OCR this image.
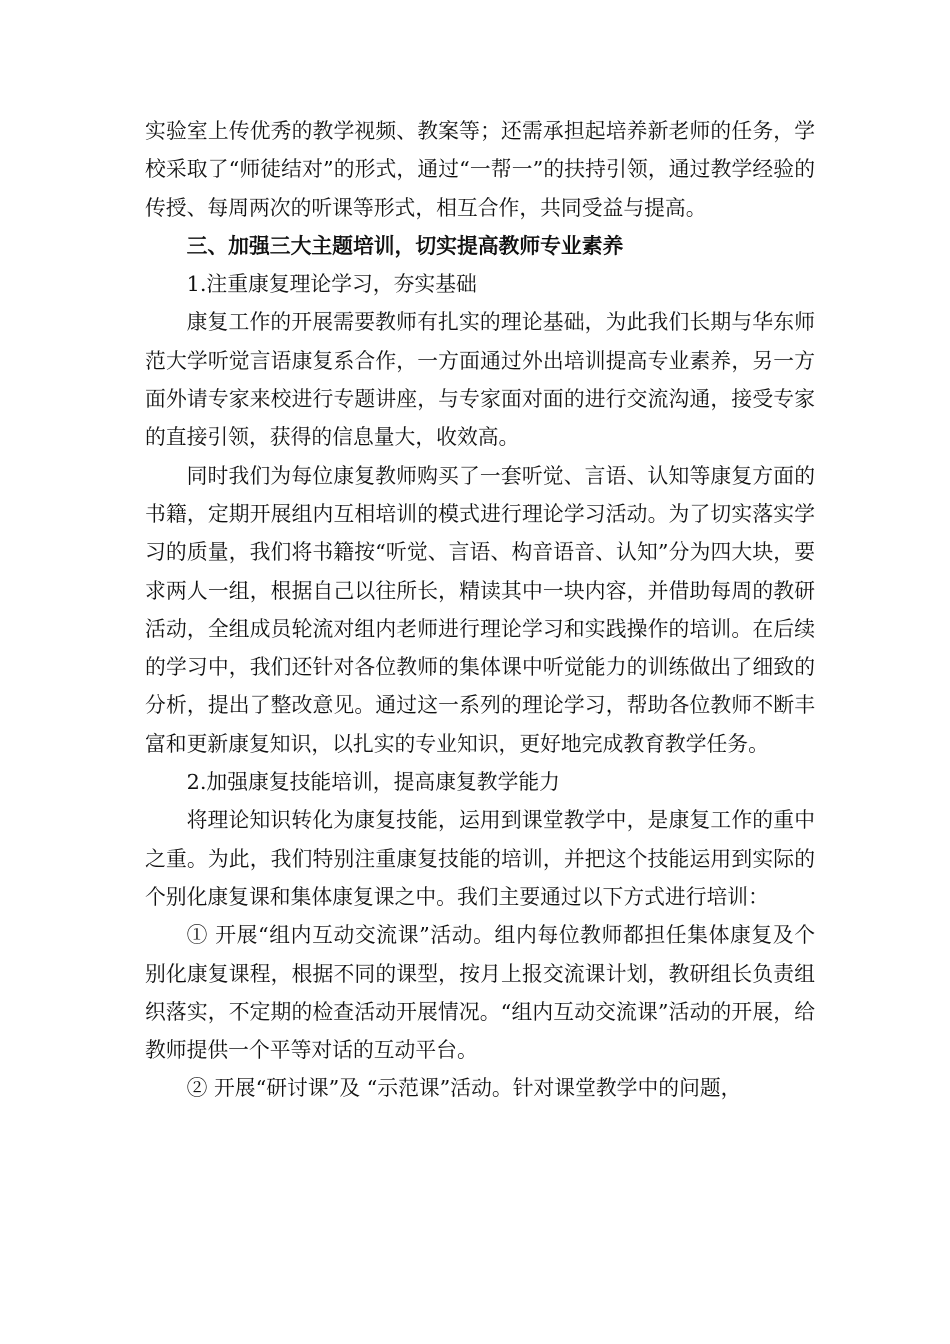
实验室上传优秀的教学视频、教案等；还需承担起培养新老师的任务，学校采取了“师徒结对”的形式，通过“一帮一”的扶持引领，通过教学经验的传授、每周两次的听课等形式，相互合作，共同受益与提高。

三、加强三大主题培训，切实提高教师专业素养

1.注重康复理论学习，夯实基础

康复工作的开展需要教师有扎实的理论基础，为此我们长期与华东师范大学听觉言语康复系合作，一方面通过外出培训提高专业素养，另一方面外请专家来校进行专题讲座，与专家面对面的进行交流沟通，接受专家的直接引领，获得的信息量大，收效高。

同时我们为每位康复教师购买了一套听觉、言语、认知等康复方面的书籍，定期开展组内互相培训的模式进行理论学习活动。为了切实落实学习的质量，我们将书籍按“听觉、言语、构音语音、认知”分为四大块，要求两人一组，根据自己以往所长，精读其中一块内容，并借助每周的教研活动，全组成员轮流对组内老师进行理论学习和实践操作的培训。在后续的学习中，我们还针对各位教师的集体课中听觉能力的训练做出了细致的分析，提出了整改意见。通过这一系列的理论学习，帮助各位教师不断丰富和更新康复知识，以扎实的专业知识，更好地完成教育教学任务。

2.加强康复技能培训，提高康复教学能力

将理论知识转化为康复技能，运用到课堂教学中，是康复工作的重中之重。为此，我们特别注重康复技能的培训，并把这个技能运用到实际的个别化康复课和集体康复课之中。我们主要通过以下方式进行培训：

① 开展“组内互动交流课”活动。组内每位教师都担任集体康复及个别化康复课程，根据不同的课型，按月上报交流课计划，教研组长负责组织落实，不定期的检查活动开展情况。“组内互动交流课”活动的开展，给教师提供一个平等对话的互动平台。

② 开展“研讨课”及 “示范课”活动。针对课堂教学中的问题，
